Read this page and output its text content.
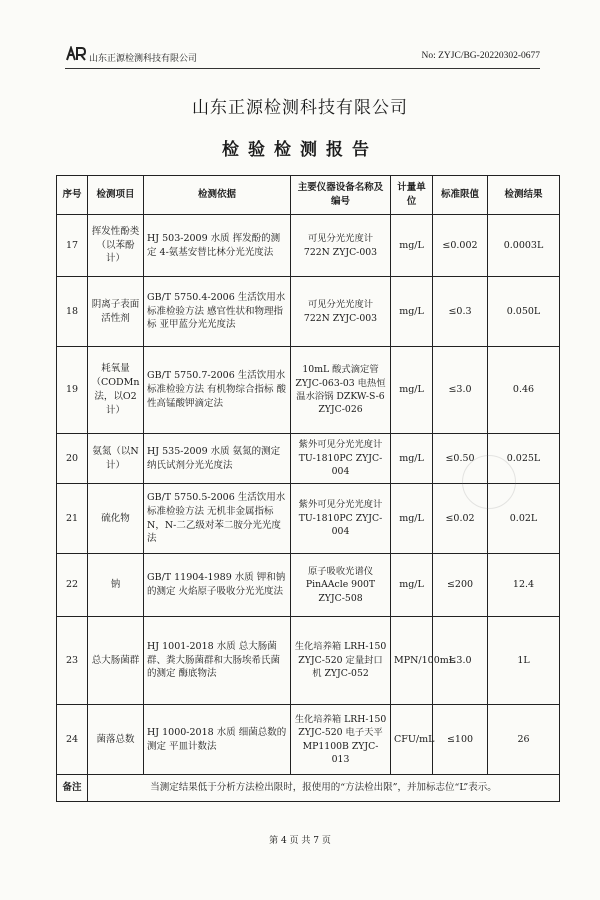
山东正源检测科技有限公司	No: ZYJC/BG-20220302-0677
山东正源检测科技有限公司
检验检测报告
序号	检测项目	检测依据	主要仪器设备名称及编号	计量单位	标准限值	检测结果
17	挥发性酚类（以苯酚计）	HJ 503-2009 水质 挥发酚的测定 4-氨基安替比林分光光度法	可见分光光度计 722N ZYJC-003	mg/L	≤0.002	0.0003L
18	阴离子表面活性剂	GB/T 5750.4-2006 生活饮用水标准检验方法 感官性状和物理指标 亚甲蓝分光光度法	可见分光光度计 722N ZYJC-003	mg/L	≤0.3	0.050L
19	耗氧量（CODMn法，以O2计）	GB/T 5750.7-2006 生活饮用水标准检验方法 有机物综合指标 酸性高锰酸钾滴定法	10mL 酸式滴定管 ZYJC-063-03 电热恒温水浴锅 DZKW-S-6 ZYJC-026	mg/L	≤3.0	0.46
20	氨氮（以N计）	HJ 535-2009 水质 氨氮的测定 纳氏试剂分光光度法	紫外可见分光光度计 TU-1810PC ZYJC-004	mg/L	≤0.50	0.025L
21	硫化物	GB/T 5750.5-2006 生活饮用水标准检验方法 无机非金属指标 N，N-二乙级对苯二胺分光光度法	紫外可见分光光度计 TU-1810PC ZYJC-004	mg/L	≤0.02	0.02L
22	钠	GB/T 11904-1989 水质 钾和钠的测定 火焰原子吸收分光光度法	原子吸收光谱仪 PinAAcle 900T ZYJC-508	mg/L	≤200	12.4
23	总大肠菌群	HJ 1001-2018 水质 总大肠菌群、粪大肠菌群和大肠埃希氏菌的测定 酶底物法	生化培养箱 LRH-150 ZYJC-520 定量封口机 ZYJC-052	MPN/100mL	≤3.0	1L
24	菌落总数	HJ 1000-2018 水质 细菌总数的测定 平皿计数法	生化培养箱 LRH-150 ZYJC-520 电子天平 MP1100B ZYJC-013	CFU/mL	≤100	26
备注	当测定结果低于分析方法检出限时，报使用的“方法检出限”，并加标志位“L”表示。					
第 4 页 共 7 页
